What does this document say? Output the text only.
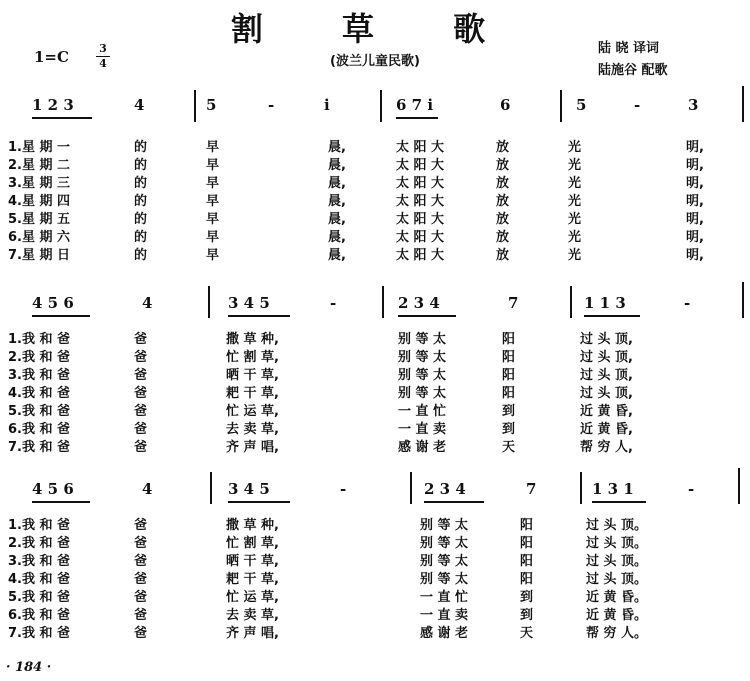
割 草 歌
1=C	3
4	(波兰儿童民歌)
陆 晓 译词
陆施谷 配歌
1 2 3	4	5	-	i	6 7 i	6	5	-	3
1.星 期 一	的	早	晨,	太 阳 大	放	光	明,
2.星 期 二	的	早	晨,	太 阳 大	放	光	明,
3.星 期 三	的	早	晨,	太 阳 大	放	光	明,
4.星 期 四	的	早	晨,	太 阳 大	放	光	明,
5.星 期 五	的	早	晨,	太 阳 大	放	光	明,
6.星 期 六	的	早	晨,	太 阳 大	放	光	明,
7.星 期 日	的	早	晨,	太 阳 大	放	光	明,
4 5 6	4	3 4 5	-	2 3 4	7	1 1 3	-
1.我 和 爸	爸	撒 草 种,	别 等 太	阳	过 头 顶,
2.我 和 爸	爸	忙 割 草,	别 等 太	阳	过 头 顶,
3.我 和 爸	爸	晒 干 草,	别 等 太	阳	过 头 顶,
4.我 和 爸	爸	耙 干 草,	别 等 太	阳	过 头 顶,
5.我 和 爸	爸	忙 运 草,	一 直 忙	到	近 黄 昏,
6.我 和 爸	爸	去 卖 草,	一 直 卖	到	近 黄 昏,
7.我 和 爸	爸	齐 声 唱,	感 谢 老	天	帮 穷 人,
4 5 6	4	3 4 5	-	2 3 4	7	1 3 1	-
1.我 和 爸	爸	撒 草 种,	别 等 太	阳	过 头 顶。
2.我 和 爸	爸	忙 割 草,	别 等 太	阳	过 头 顶。
3.我 和 爸	爸	晒 干 草,	别 等 太	阳	过 头 顶。
4.我 和 爸	爸	耙 干 草,	别 等 太	阳	过 头 顶。
5.我 和 爸	爸	忙 运 草,	一 直 忙	到	近 黄 昏。
6.我 和 爸	爸	去 卖 草,	一 直 卖	到	近 黄 昏。
7.我 和 爸	爸	齐 声 唱,	感 谢 老	天	帮 穷 人。
· 184 ·
